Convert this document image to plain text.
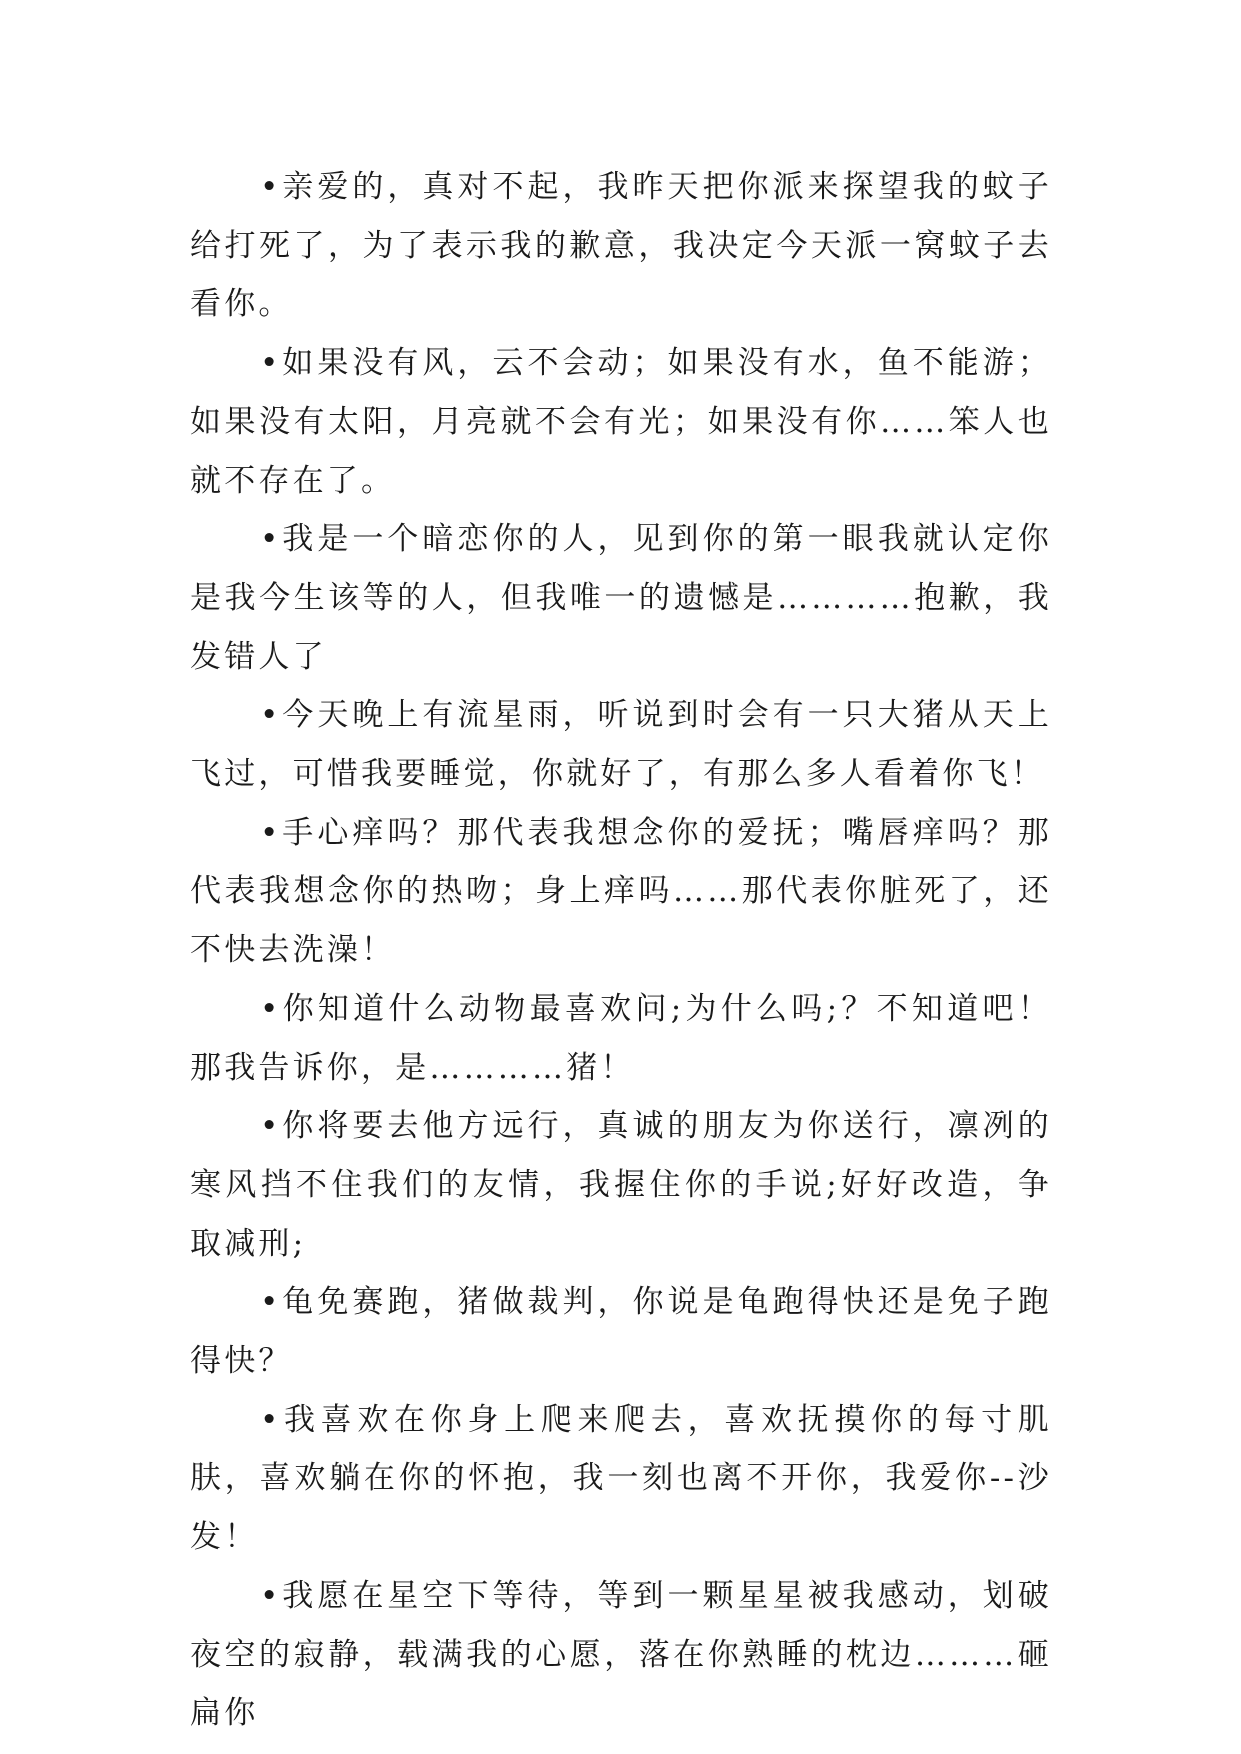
•亲爱的，真对不起，我昨天把你派来探望我的蚊子给打死了，为了表示我的歉意，我决定今天派一窝蚊子去看你。

•如果没有风，云不会动；如果没有水，鱼不能游；如果没有太阳，月亮就不会有光；如果没有你……笨人也就不存在了。

•我是一个暗恋你的人，见到你的第一眼我就认定你是我今生该等的人，但我唯一的遗憾是…………抱歉，我发错人了

•今天晚上有流星雨，听说到时会有一只大猪从天上飞过，可惜我要睡觉，你就好了，有那么多人看着你飞！

•手心痒吗？那代表我想念你的爱抚；嘴唇痒吗？那代表我想念你的热吻；身上痒吗……那代表你脏死了，还不快去洗澡！

•你知道什么动物最喜欢问;为什么吗;？不知道吧！那我告诉你，是…………猪！

•你将要去他方远行，真诚的朋友为你送行，凛冽的寒风挡不住我们的友情，我握住你的手说;好好改造，争取减刑;

•龟免赛跑，猪做裁判，你说是龟跑得快还是免子跑得快？

•我喜欢在你身上爬来爬去，喜欢抚摸你的每寸肌肤，喜欢躺在你的怀抱，我一刻也离不开你，我爱你--沙发！

•我愿在星空下等待，等到一颗星星被我感动，划破夜空的寂静，载满我的心愿，落在你熟睡的枕边………砸扁你
